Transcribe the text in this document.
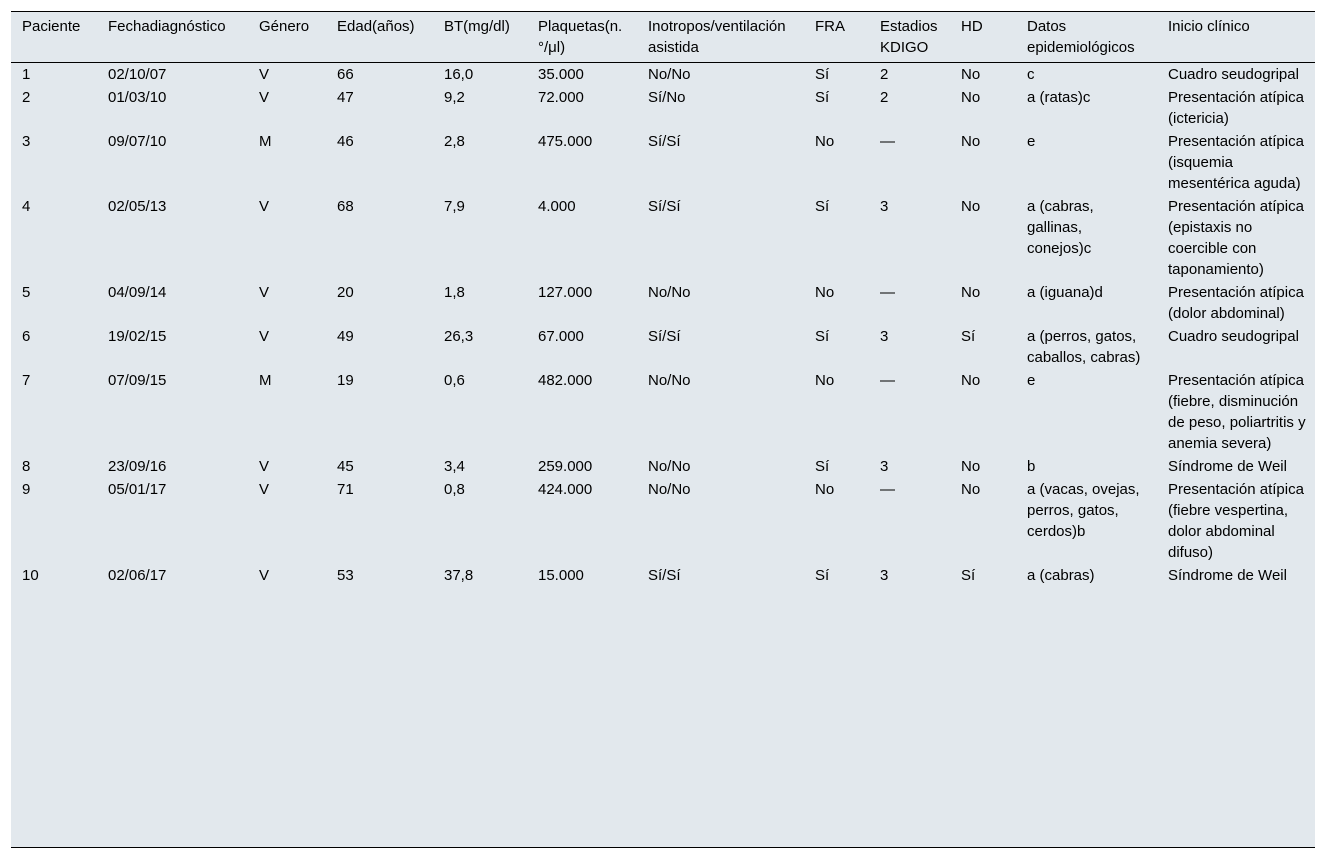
Paciente	Fechadiagnóstico	Género	Edad(años)	BT(mg/dl)	Plaquetas(n.°/μl)	Inotropos/ventilación asistida	FRA	Estadios KDIGO	HD	Datos epidemiológicos	Inicio clínico
1	02/10/07	V	66	16,0	35.000	No/No	Sí	2	No	c	Cuadro seudogripal
2	01/03/10	V	47	9,2	72.000	Sí/No	Sí	2	No	a (ratas)c	Presentación atípica (ictericia)
3	09/07/10	M	46	2,8	475.000	Sí/Sí	No	—	No	e	Presentación atípica (isquemia mesentérica aguda)
4	02/05/13	V	68	7,9	4.000	Sí/Sí	Sí	3	No	a (cabras, gallinas, conejos)c	Presentación atípica (epistaxis no coercible con taponamiento)
5	04/09/14	V	20	1,8	127.000	No/No	No	—	No	a (iguana)d	Presentación atípica (dolor abdominal)
6	19/02/15	V	49	26,3	67.000	Sí/Sí	Sí	3	Sí	a (perros, gatos, caballos, cabras)	Cuadro seudogripal
7	07/09/15	M	19	0,6	482.000	No/No	No	—	No	e	Presentación atípica (fiebre, disminución de peso, poliartritis y anemia severa)
8	23/09/16	V	45	3,4	259.000	No/No	Sí	3	No	b	Síndrome de Weil
9	05/01/17	V	71	0,8	424.000	No/No	No	—	No	a (vacas, ovejas, perros, gatos, cerdos)b	Presentación atípica (fiebre vespertina, dolor abdominal difuso)
10	02/06/17	V	53	37,8	15.000	Sí/Sí	Sí	3	Sí	a (cabras)	Síndrome de Weil
